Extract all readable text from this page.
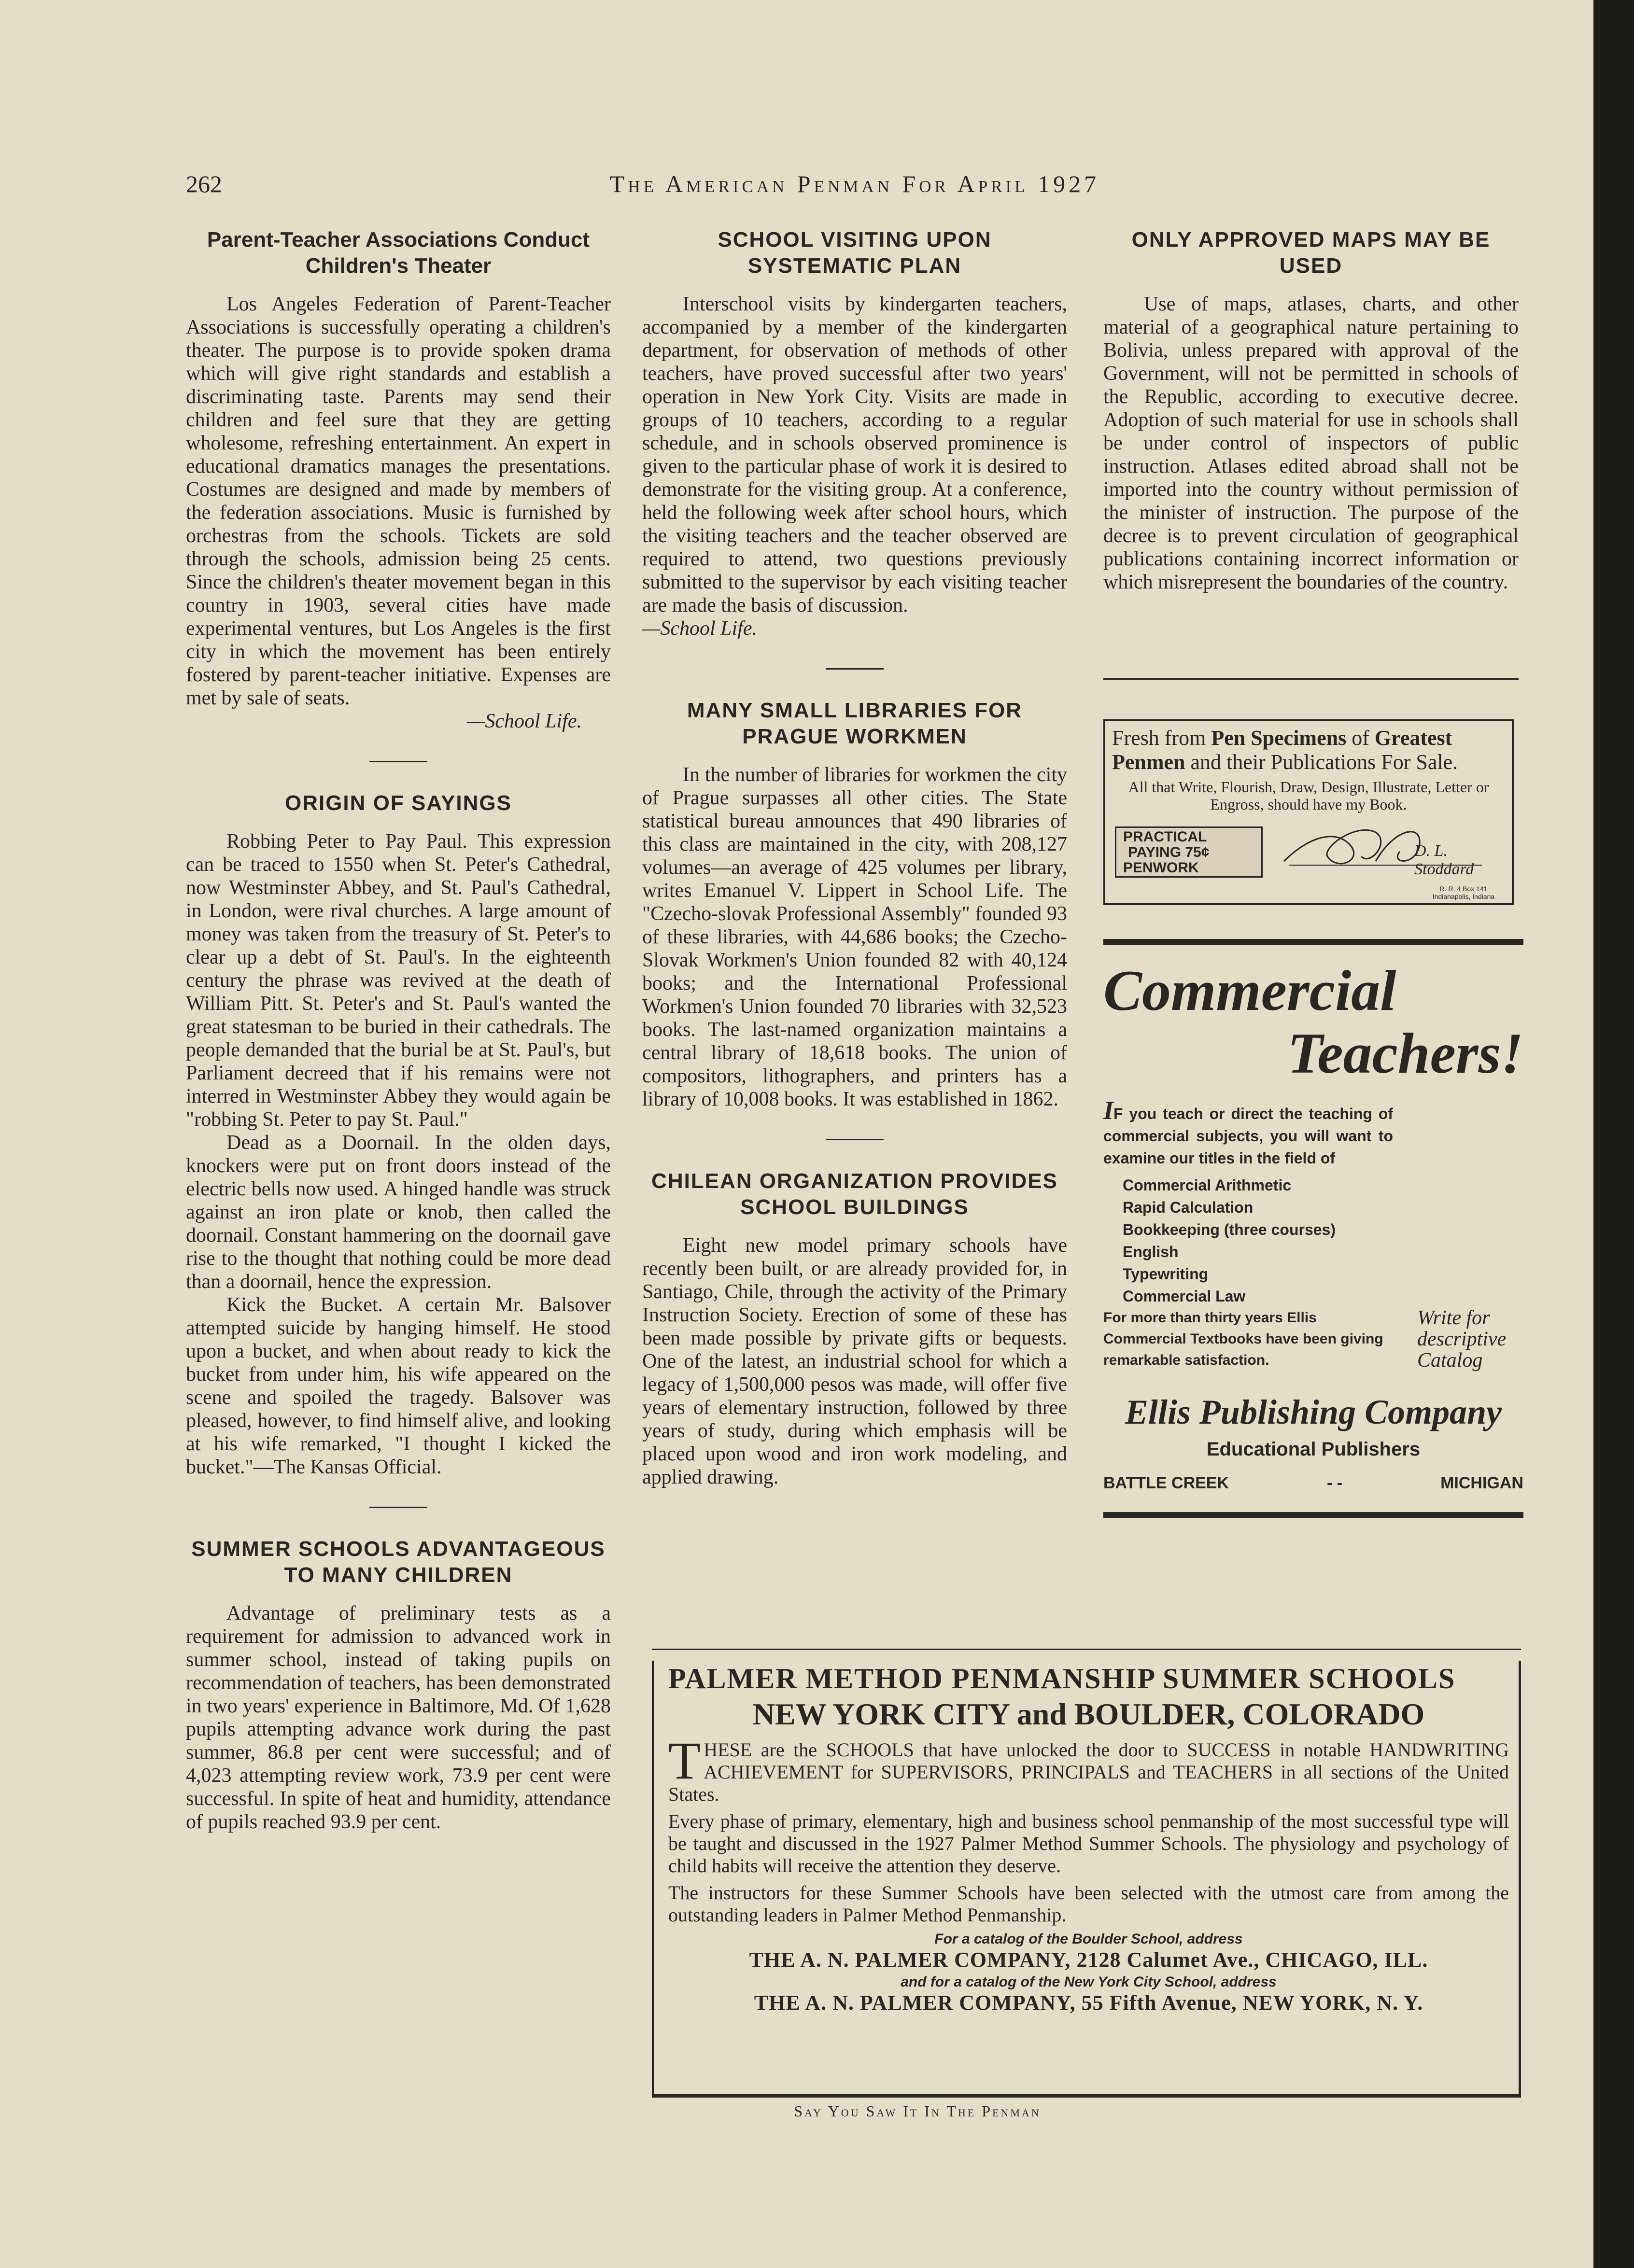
262	The American Penman For April 1927
Parent-Teacher Associations Conduct Children's Theater

Los Angeles Federation of Parent-Teacher Associations is successfully operating a children's theater. The purpose is to provide spoken drama which will give right standards and establish a discriminating taste. Parents may send their children and feel sure that they are getting wholesome, refreshing entertainment. An expert in educational dramatics manages the presentations. Costumes are designed and made by members of the federation associations. Music is furnished by orchestras from the schools. Tickets are sold through the schools, admission being 25 cents. Since the children's theater movement began in this country in 1903, several cities have made experimental ventures, but Los Angeles is the first city in which the movement has been entirely fostered by parent-teacher initiative. Expenses are met by sale of seats.

—School Life.

ORIGIN OF SAYINGS

Robbing Peter to Pay Paul. This expression can be traced to 1550 when St. Peter's Cathedral, now Westminster Abbey, and St. Paul's Cathedral, in London, were rival churches. A large amount of money was taken from the treasury of St. Peter's to clear up a debt of St. Paul's. In the eighteenth century the phrase was revived at the death of William Pitt. St. Peter's and St. Paul's wanted the great statesman to be buried in their cathedrals. The people demanded that the burial be at St. Paul's, but Parliament decreed that if his remains were not interred in Westminster Abbey they would again be "robbing St. Peter to pay St. Paul."

Dead as a Doornail. In the olden days, knockers were put on front doors instead of the electric bells now used. A hinged handle was struck against an iron plate or knob, then called the doornail. Constant hammering on the doornail gave rise to the thought that nothing could be more dead than a doornail, hence the expression.

Kick the Bucket. A certain Mr. Balsover attempted suicide by hanging himself. He stood upon a bucket, and when about ready to kick the bucket from under him, his wife appeared on the scene and spoiled the tragedy. Balsover was pleased, however, to find himself alive, and looking at his wife remarked, "I thought I kicked the bucket."—The Kansas Official.

SUMMER SCHOOLS ADVANTAGEOUS TO MANY CHILDREN

Advantage of preliminary tests as a requirement for admission to advanced work in summer school, instead of taking pupils on recommendation of teachers, has been demonstrated in two years' experience in Baltimore, Md. Of 1,628 pupils attempting advance work during the past summer, 86.8 per cent were successful; and of 4,023 attempting review work, 73.9 per cent were successful. In spite of heat and humidity, attendance of pupils reached 93.9 per cent.

SCHOOL VISITING UPON SYSTEMATIC PLAN

Interschool visits by kindergarten teachers, accompanied by a member of the kindergarten department, for observation of methods of other teachers, have proved successful after two years' operation in New York City. Visits are made in groups of 10 teachers, according to a regular schedule, and in schools observed prominence is given to the particular phase of work it is desired to demonstrate for the visiting group. At a conference, held the following week after school hours, which the visiting teachers and the teacher observed are required to attend, two questions previously submitted to the supervisor by each visiting teacher are made the basis of discussion.

—School Life.

MANY SMALL LIBRARIES FOR PRAGUE WORKMEN

In the number of libraries for workmen the city of Prague surpasses all other cities. The State statistical bureau announces that 490 libraries of this class are maintained in the city, with 208,127 volumes—an average of 425 volumes per library, writes Emanuel V. Lippert in School Life. The "Czecho-slovak Professional Assembly" founded 93 of these libraries, with 44,686 books; the Czecho-Slovak Workmen's Union founded 82 with 40,124 books; and the International Professional Workmen's Union founded 70 libraries with 32,523 books. The last-named organization maintains a central library of 18,618 books. The union of compositors, lithographers, and printers has a library of 10,008 books. It was established in 1862.

CHILEAN ORGANIZATION PROVIDES SCHOOL BUILDINGS

Eight new model primary schools have recently been built, or are already provided for, in Santiago, Chile, through the activity of the Primary Instruction Society. Erection of some of these has been made possible by private gifts or bequests. One of the latest, an industrial school for which a legacy of 1,500,000 pesos was made, will offer five years of elementary instruction, followed by three years of study, during which emphasis will be placed upon wood and iron work modeling, and applied drawing.

ONLY APPROVED MAPS MAY BE USED

Use of maps, atlases, charts, and other material of a geographical nature pertaining to Bolivia, unless prepared with approval of the Government, will not be permitted in schools of the Republic, according to executive decree. Adoption of such material for use in schools shall be under control of inspectors of public instruction. Atlases edited abroad shall not be imported into the country without permission of the minister of instruction. The purpose of the decree is to prevent circulation of geographical publications containing incorrect information or which misrepresent the boundaries of the country.

Fresh from Pen Specimens of Greatest Penmen and their Publications For Sale.
All that Write, Flourish, Draw, Design, Illustrate, Letter or Engross, should have my Book.
PRACTICAL
PAYING 75¢
PENWORK
D. L. Stoddard
R. R. 4 Box 141 Indianapolis, Indiana
Commercial
Teachers!
IF you teach or direct the teaching of commercial subjects, you will want to examine our titles in the field of
Commercial Arithmetic
Rapid Calculation
Bookkeeping (three courses)
English
Typewriting
Commercial Law
For more than thirty years Ellis Commercial Textbooks have been giving remarkable satisfaction.
Write for descriptive Catalog
Ellis Publishing Company
Educational Publishers
BATTLE CREEK	- -	MICHIGAN
PALMER METHOD PENMANSHIP SUMMER SCHOOLS
NEW YORK CITY and BOULDER, COLORADO

THESE are the SCHOOLS that have unlocked the door to SUCCESS in notable HANDWRITING ACHIEVEMENT for SUPERVISORS, PRINCIPALS and TEACHERS in all sections of the United States.

Every phase of primary, elementary, high and business school penmanship of the most successful type will be taught and discussed in the 1927 Palmer Method Summer Schools. The physiology and psychology of child habits will receive the attention they deserve.

The instructors for these Summer Schools have been selected with the utmost care from among the outstanding leaders in Palmer Method Penmanship.

For a catalog of the Boulder School, address
THE A. N. PALMER COMPANY, 2128 Calumet Ave., CHICAGO, ILL.
and for a catalog of the New York City School, address
THE A. N. PALMER COMPANY, 55 Fifth Avenue, NEW YORK, N. Y.
Say You Saw It In The Penman
